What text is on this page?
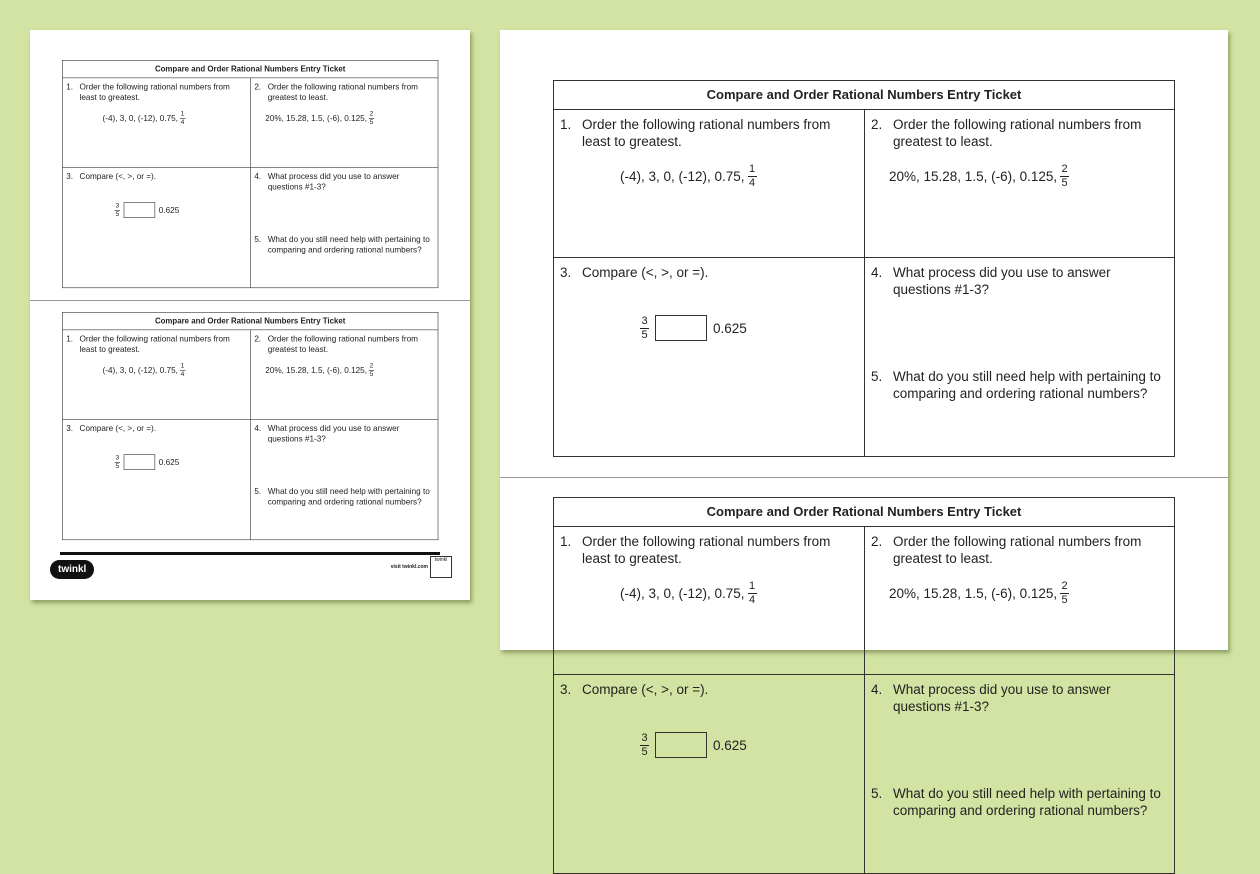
Compare and Order Rational Numbers Entry Ticket
1. Order the following rational numbers from least to greatest.
(-4), 3, 0, (-12), 0.75, $\frac{1}{4}$
2. Order the following rational numbers from greatest to least.
20%, 15.28, 1.5, (-6), 0.125, $\frac{2}{5}$
3. Compare (<, >, or =).
$\frac{3}{5}$	0.625
4. What process did you use to answer questions #1-3?
5. What do you still need help with pertaining to comparing and ordering rational numbers?
Compare and Order Rational Numbers Entry Ticket
1. Order the following rational numbers from least to greatest.
(-4), 3, 0, (-12), 0.75, $\frac{1}{4}$
2. Order the following rational numbers from greatest to least.
20%, 15.28, 1.5, (-6), 0.125, $\frac{2}{5}$
3. Compare (<, >, or =).
$\frac{3}{5}$	0.625
4. What process did you use to answer questions #1-3?
5. What do you still need help with pertaining to comparing and ordering rational numbers?
twinkl	visit twinkl.com
twinkl
Compare and Order Rational Numbers Entry Ticket
1. Order the following rational numbers from least to greatest.
(-4), 3, 0, (-12), 0.75, $\frac{1}{4}$
2. Order the following rational numbers from greatest to least.
20%, 15.28, 1.5, (-6), 0.125, $\frac{2}{5}$
3. Compare (<, >, or =).
$\frac{3}{5}$	0.625
4. What process did you use to answer questions #1-3?
5. What do you still need help with pertaining to comparing and ordering rational numbers?
Compare and Order Rational Numbers Entry Ticket
1. Order the following rational numbers from least to greatest.
(-4), 3, 0, (-12), 0.75, $\frac{1}{4}$
2. Order the following rational numbers from greatest to least.
20%, 15.28, 1.5, (-6), 0.125, $\frac{2}{5}$
3. Compare (<, >, or =).
$\frac{3}{5}$	0.625
4. What process did you use to answer questions #1-3?
5. What do you still need help with pertaining to comparing and ordering rational numbers?
